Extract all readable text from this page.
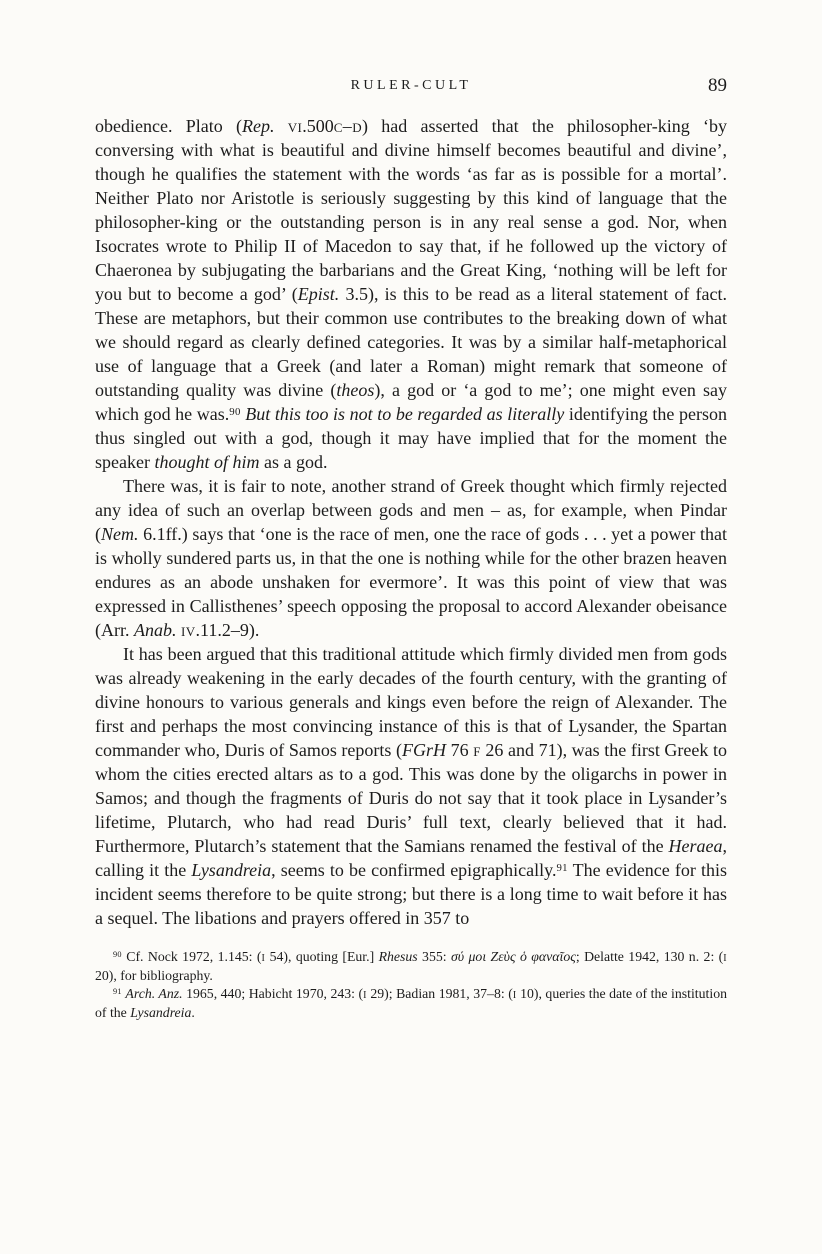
RULER-CULT	89

obedience. Plato (Rep. vi.500c–d) had asserted that the philosopher-king ‘by conversing with what is beautiful and divine himself becomes beautiful and divine’, though he qualifies the statement with the words ‘as far as is possible for a mortal’. Neither Plato nor Aristotle is seriously suggesting by this kind of language that the philosopher-king or the outstanding person is in any real sense a god. Nor, when Isocrates wrote to Philip II of Macedon to say that, if he followed up the victory of Chaeronea by subjugating the barbarians and the Great King, ‘nothing will be left for you but to become a god’ (Epist. 3.5), is this to be read as a literal statement of fact. These are metaphors, but their common use contributes to the breaking down of what we should regard as clearly defined categories. It was by a similar half-metaphorical use of language that a Greek (and later a Roman) might remark that someone of outstanding quality was divine (theos), a god or ‘a god to me’; one might even say which god he was.$^{90}$ But this too is not to be regarded as literally identifying the person thus singled out with a god, though it may have implied that for the moment the speaker thought of him as a god.

There was, it is fair to note, another strand of Greek thought which firmly rejected any idea of such an overlap between gods and men – as, for example, when Pindar (Nem. 6.1ff.) says that ‘one is the race of men, one the race of gods . . . yet a power that is wholly sundered parts us, in that the one is nothing while for the other brazen heaven endures as an abode unshaken for evermore’. It was this point of view that was expressed in Callisthenes’ speech opposing the proposal to accord Alexander obeisance (Arr. Anab. iv.11.2–9).

It has been argued that this traditional attitude which firmly divided men from gods was already weakening in the early decades of the fourth century, with the granting of divine honours to various generals and kings even before the reign of Alexander. The first and perhaps the most convincing instance of this is that of Lysander, the Spartan commander who, Duris of Samos reports (FGrH 76 f 26 and 71), was the first Greek to whom the cities erected altars as to a god. This was done by the oligarchs in power in Samos; and though the fragments of Duris do not say that it took place in Lysander’s lifetime, Plutarch, who had read Duris’ full text, clearly believed that it had. Furthermore, Plutarch’s statement that the Samians renamed the festival of the Heraea, calling it the Lysandreia, seems to be confirmed epigraphically.$^{91}$ The evidence for this incident seems therefore to be quite strong; but there is a long time to wait before it has a sequel. The libations and prayers offered in 357 to

$^{90}$ Cf. Nock 1972, 1.145: (i 54), quoting [Eur.] Rhesus 355: σύ μοι Ζεὺς ὁ φαναῖος; Delatte 1942, 130 n. 2: (i 20), for bibliography.

$^{91}$ Arch. Anz. 1965, 440; Habicht 1970, 243: (i 29); Badian 1981, 37–8: (i 10), queries the date of the institution of the Lysandreia.
